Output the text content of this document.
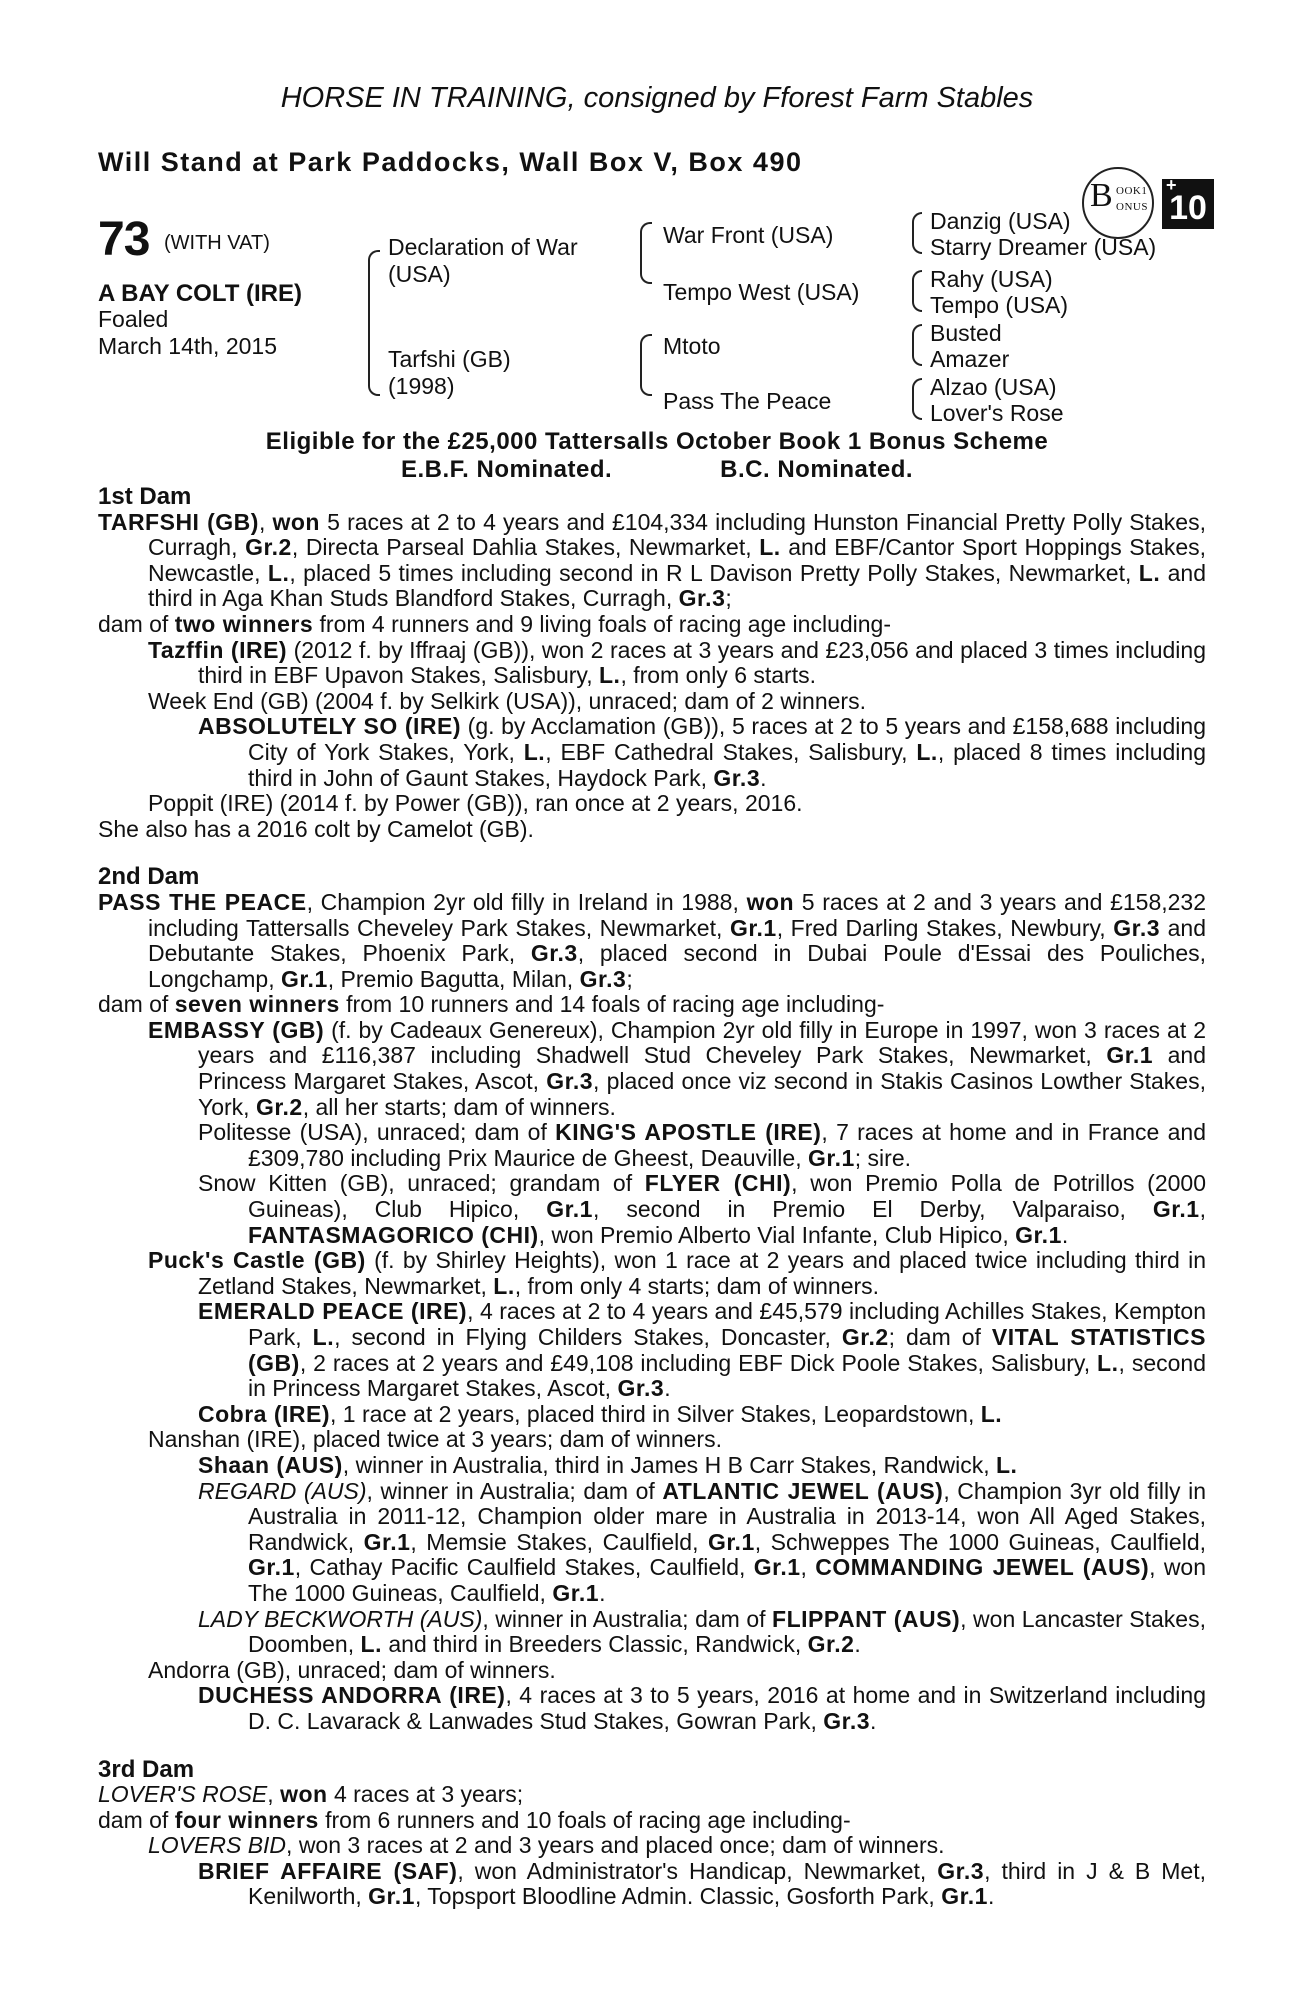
HORSE IN TRAINING, consigned by Fforest Farm Stables
Will Stand at Park Paddocks, Wall Box V, Box 490
B OOK1
ONUS 10
+
73 (WITH VAT)
A BAY COLT (IRE)
Foaled
March 14th, 2015
Declaration of War
(USA)
Tarfshi (GB)
(1998)
War Front (USA)
Tempo West (USA)
Mtoto
Pass The Peace
Danzig (USA)
Starry Dreamer (USA)
Rahy (USA)
Tempo (USA)
Busted
Amazer
Alzao (USA)
Lover's Rose
Eligible for the £25,000 Tattersalls October Book 1 Bonus Scheme
E.B.F. Nominated.	B.C. Nominated.
1st Dam
TARFSHI (GB), won 5 races at 2 to 4 years and £104,334 including Hunston Financial Pretty Polly Stakes, Curragh, Gr.2, Directa Parseal Dahlia Stakes, Newmarket, L. and EBF/Cantor Sport Hoppings Stakes, Newcastle, L., placed 5 times including second in R L Davison Pretty Polly Stakes, Newmarket, L. and third in Aga Khan Studs Blandford Stakes, Curragh, Gr.3;
dam of two winners from 4 runners and 9 living foals of racing age including-
Tazffin (IRE) (2012 f. by Iffraaj (GB)), won 2 races at 3 years and £23,056 and placed 3 times including third in EBF Upavon Stakes, Salisbury, L., from only 6 starts.
Week End (GB) (2004 f. by Selkirk (USA)), unraced; dam of 2 winners.
ABSOLUTELY SO (IRE) (g. by Acclamation (GB)), 5 races at 2 to 5 years and £158,688 including City of York Stakes, York, L., EBF Cathedral Stakes, Salisbury, L., placed 8 times including third in John of Gaunt Stakes, Haydock Park, Gr.3.
Poppit (IRE) (2014 f. by Power (GB)), ran once at 2 years, 2016.
She also has a 2016 colt by Camelot (GB).
2nd Dam
PASS THE PEACE, Champion 2yr old filly in Ireland in 1988, won 5 races at 2 and 3 years and £158,232 including Tattersalls Cheveley Park Stakes, Newmarket, Gr.1, Fred Darling Stakes, Newbury, Gr.3 and Debutante Stakes, Phoenix Park, Gr.3, placed second in Dubai Poule d'Essai des Pouliches, Longchamp, Gr.1, Premio Bagutta, Milan, Gr.3;
dam of seven winners from 10 runners and 14 foals of racing age including-
EMBASSY (GB) (f. by Cadeaux Genereux), Champion 2yr old filly in Europe in 1997, won 3 races at 2 years and £116,387 including Shadwell Stud Cheveley Park Stakes, Newmarket, Gr.1 and Princess Margaret Stakes, Ascot, Gr.3, placed once viz second in Stakis Casinos Lowther Stakes, York, Gr.2, all her starts; dam of winners.
Politesse (USA), unraced; dam of KING'S APOSTLE (IRE), 7 races at home and in France and £309,780 including Prix Maurice de Gheest, Deauville, Gr.1; sire.
Snow Kitten (GB), unraced; grandam of FLYER (CHI), won Premio Polla de Potrillos (2000 Guineas), Club Hipico, Gr.1, second in Premio El Derby, Valparaiso, Gr.1, FANTASMAGORICO (CHI), won Premio Alberto Vial Infante, Club Hipico, Gr.1.
Puck's Castle (GB) (f. by Shirley Heights), won 1 race at 2 years and placed twice including third in Zetland Stakes, Newmarket, L., from only 4 starts; dam of winners.
EMERALD PEACE (IRE), 4 races at 2 to 4 years and £45,579 including Achilles Stakes, Kempton Park, L., second in Flying Childers Stakes, Doncaster, Gr.2; dam of VITAL STATISTICS (GB), 2 races at 2 years and £49,108 including EBF Dick Poole Stakes, Salisbury, L., second in Princess Margaret Stakes, Ascot, Gr.3.
Cobra (IRE), 1 race at 2 years, placed third in Silver Stakes, Leopardstown, L.
Nanshan (IRE), placed twice at 3 years; dam of winners.
Shaan (AUS), winner in Australia, third in James H B Carr Stakes, Randwick, L.
REGARD (AUS), winner in Australia; dam of ATLANTIC JEWEL (AUS), Champion 3yr old filly in Australia in 2011-12, Champion older mare in Australia in 2013-14, won All Aged Stakes, Randwick, Gr.1, Memsie Stakes, Caulfield, Gr.1, Schweppes The 1000 Guineas, Caulfield, Gr.1, Cathay Pacific Caulfield Stakes, Caulfield, Gr.1, COMMANDING JEWEL (AUS), won The 1000 Guineas, Caulfield, Gr.1.
LADY BECKWORTH (AUS), winner in Australia; dam of FLIPPANT (AUS), won Lancaster Stakes, Doomben, L. and third in Breeders Classic, Randwick, Gr.2.
Andorra (GB), unraced; dam of winners.
DUCHESS ANDORRA (IRE), 4 races at 3 to 5 years, 2016 at home and in Switzerland including D. C. Lavarack & Lanwades Stud Stakes, Gowran Park, Gr.3.
3rd Dam
LOVER'S ROSE, won 4 races at 3 years;
dam of four winners from 6 runners and 10 foals of racing age including-
LOVERS BID, won 3 races at 2 and 3 years and placed once; dam of winners.
BRIEF AFFAIRE (SAF), won Administrator's Handicap, Newmarket, Gr.3, third in J & B Met, Kenilworth, Gr.1, Topsport Bloodline Admin. Classic, Gosforth Park, Gr.1.
